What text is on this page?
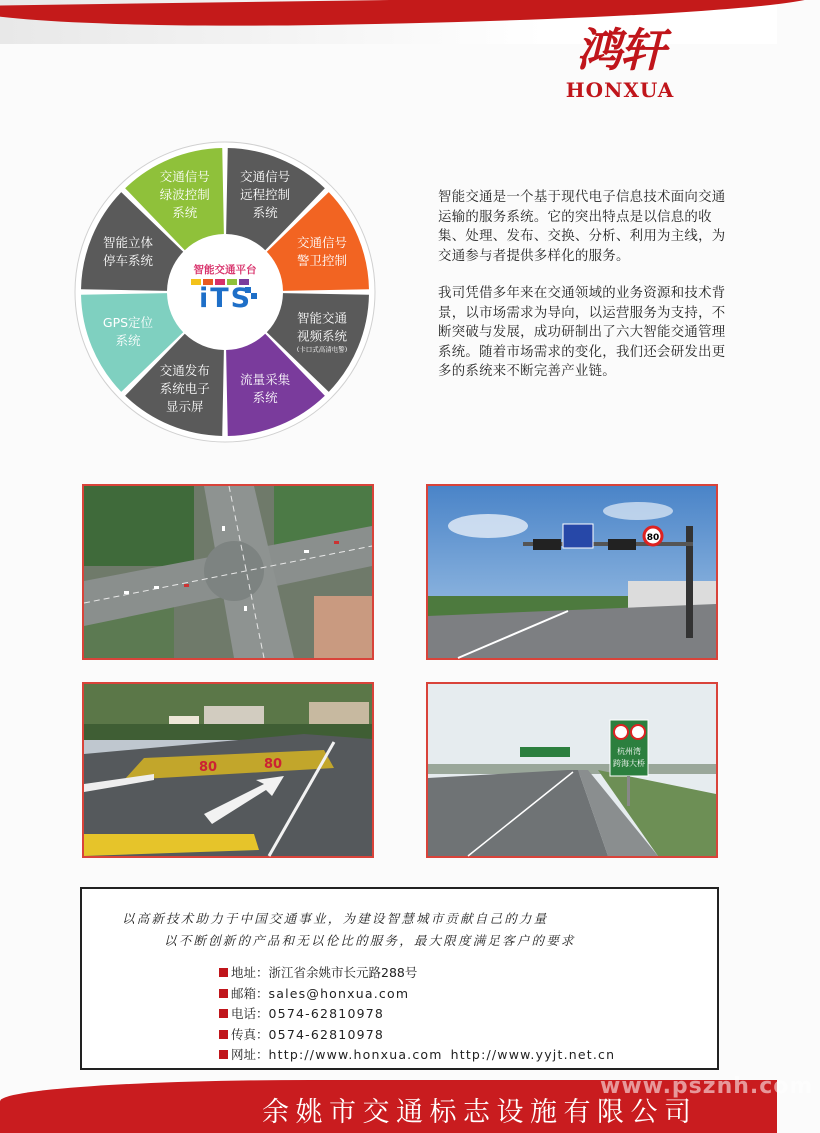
鸿轩
HONXUA
交通信号
绿波控制
系统
交通信号
远程控制
系统
交通信号
警卫控制
智能交通
视频系统
(卡口式高清电警)
流量采集
系统
交通发布
系统电子
显示屏
GPS定位
系统
智能立体
停车系统
智能交通平台
iTS

智能交通是一个基于现代电子信息技术面向交通运输的服务系统。它的突出特点是以信息的收集、处理、发布、交换、分析、利用为主线，为交通参与者提供多样化的服务。

我司凭借多年来在交通领域的业务资源和技术背景，以市场需求为导向，以运营服务为支持，不断突破与发展，成功研制出了六大智能交通管理系统。随着市场需求的变化，我们还会研发出更多的系统来不断完善产业链。

80
80	80
杭州湾
跨海大桥
以高新技术助力于中国交通事业，为建设智慧城市贡献自己的力量
以不断创新的产品和无以伦比的服务，最大限度满足客户的要求
地址：浙江省余姚市长元路288号
邮箱：sales@honxua.com
电话：0574-62810978
传真：0574-62810978
网址：http://www.honxua.com http://www.yyjt.net.cn
余姚市交通标志设施有限公司
www.psznh.com
